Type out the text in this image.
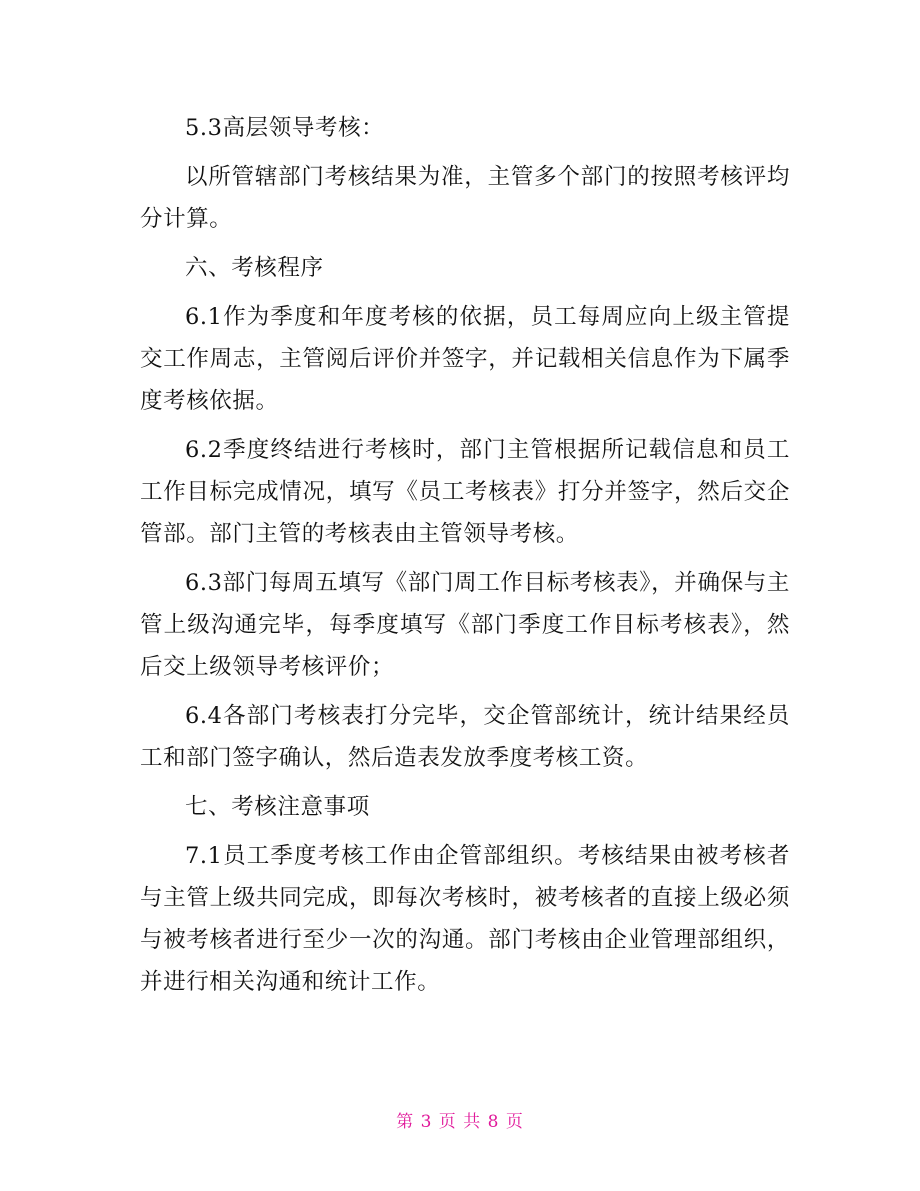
5.3高层领导考核：

以所管辖部门考核结果为准，主管多个部门的按照考核评均分计算。

六、考核程序

6.1作为季度和年度考核的依据，员工每周应向上级主管提交工作周志，主管阅后评价并签字，并记载相关信息作为下属季度考核依据。

6.2季度终结进行考核时，部门主管根据所记载信息和员工工作目标完成情况，填写《员工考核表》打分并签字，然后交企管部。部门主管的考核表由主管领导考核。

6.3部门每周五填写《部门周工作目标考核表》，并确保与主管上级沟通完毕，每季度填写《部门季度工作目标考核表》，然后交上级领导考核评价；

6.4各部门考核表打分完毕，交企管部统计，统计结果经员工和部门签字确认，然后造表发放季度考核工资。

七、考核注意事项

7.1员工季度考核工作由企管部组织。考核结果由被考核者与主管上级共同完成，即每次考核时，被考核者的直接上级必须与被考核者进行至少一次的沟通。部门考核由企业管理部组织，并进行相关沟通和统计工作。

第 3 页 共 8 页
